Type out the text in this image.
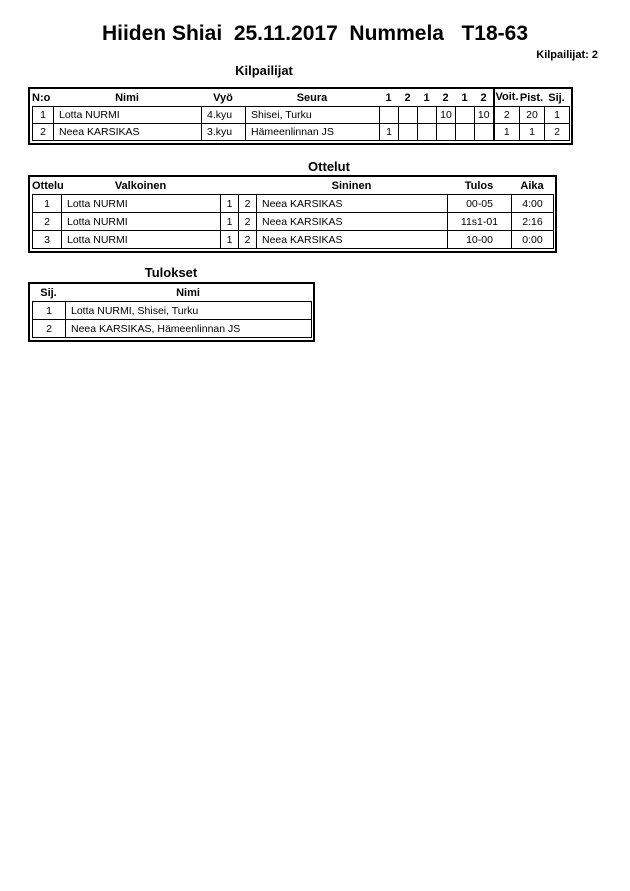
Hiiden Shiai  25.11.2017  Nummela   T18-63
Kilpailijat: 2
Kilpailijat
N:o	Nimi	Vyö	Seura	1	2	1	2	1	2 Voit. Pist. Sij.
1	Lotta NURMI	4.kyu	Shisei, Turku				10		10	2	20	1
2	Neea KARSIKAS	3.kyu	Hämeenlinnan JS	1						1	1	2
Ottelut
Ottelu	Valkoinen	Sininen	Tulos	Aika
1	Lotta NURMI	1	2	Neea KARSIKAS	00-05	4:00
2	Lotta NURMI	1	2	Neea KARSIKAS	11s1-01	2:16
3	Lotta NURMI	1	2	Neea KARSIKAS	10-00	0:00
Tulokset
Sij.	Nimi
1	Lotta NURMI, Shisei, Turku
2	Neea KARSIKAS, Hämeenlinnan JS
